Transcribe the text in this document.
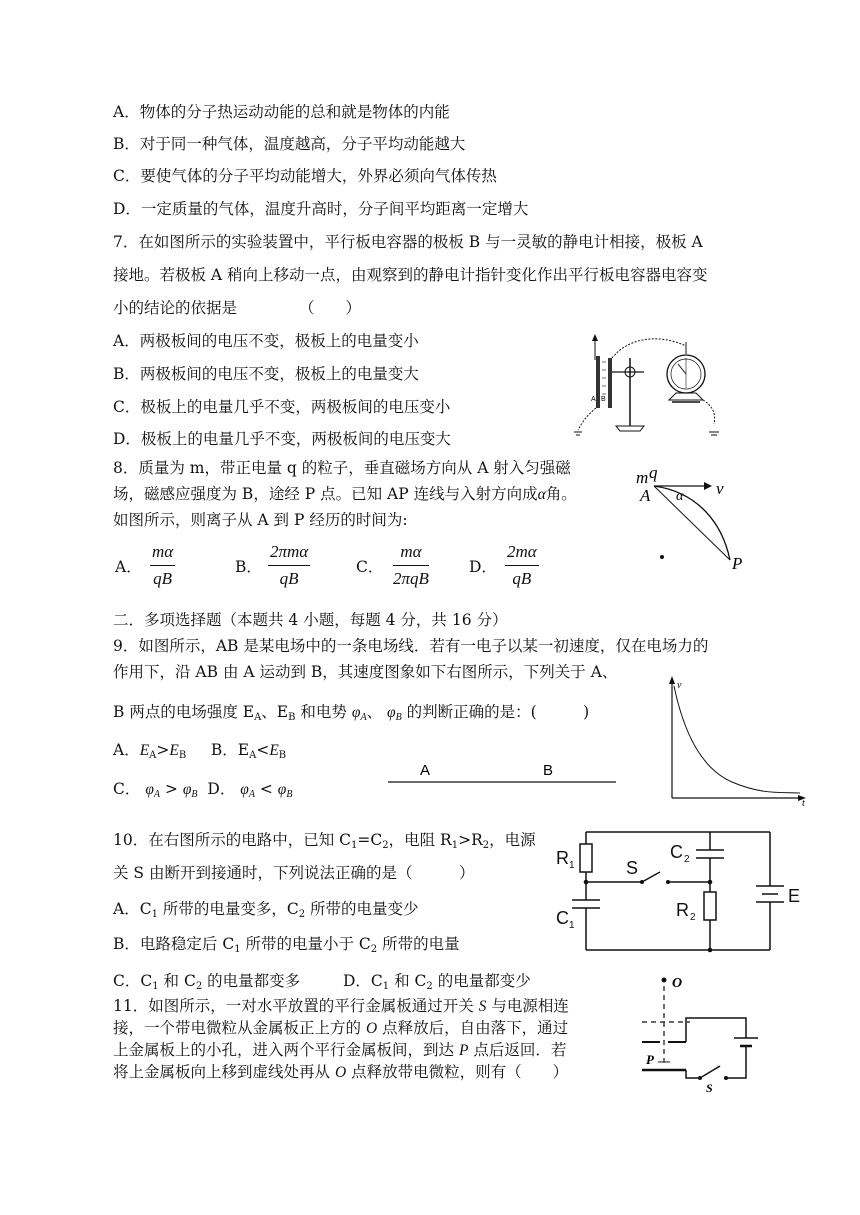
A．物体的分子热运动动能的总和就是物体的内能
B．对于同一种气体，温度越高，分子平均动能越大
C．要使气体的分子平均动能增大，外界必须向气体传热
D．一定质量的气体，温度升高时，分子间平均距离一定增大
7．在如图所示的实验装置中，平行板电容器的极板 B 与一灵敏的静电计相接，极板 A
接地。若极板 A 稍向上移动一点，由观察到的静电计指针变化作出平行板电容器电容变
小的结论的依据是	（　　）
A．两极板间的电压不变，极板上的电量变小
B．两极板间的电压不变，极板上的电量变大
C．极板上的电量几乎不变，两极板间的电压变小
D．极板上的电量几乎不变，两极板间的电压变大
A B
8．质量为 m，带正电量 q 的粒子，垂直磁场方向从 A 射入匀强磁
场，磁感应强度为 B，途经 P 点。已知 AP 连线与入射方向成α角。
如图所示，则离子从 A 到 P 经历的时间为:
A．
mα
qB
B．
2πmα
qB
C．
mα
2πqB
D．
2mα
qB
m q
A	v
α
P
二．多项选择题（本题共 4 小题，每题 4 分，共 16 分）
9．如图所示，AB 是某电场中的一条电场线．若有一电子以某一初速度，仅在电场力的
作用下，沿 AB 由 A 运动到 B，其速度图象如下右图所示，下列关于 A、
B 两点的电场强度 $E_A$、$E_B$ 和电势 $\varphi_A$、 $\varphi_B$ 的判断正确的是：(　　　)
A．$E_A>E_B$ B．$E_A<E_B$
C． $\varphi_A > \varphi_B$ D． $\varphi_A < \varphi_B$
A	B
v
t
10．在右图所示的电路中，已知 $C_1=C_2$，电阻 $R_1>R_2$，电源
关 S 由断开到接通时，下列说法正确的是（　　　）
A．$C_1$ 所带的电量变多，$C_2$ 所带的电量变少
B．电路稳定后 $C_1$ 所带的电量小于 $C_2$ 所带的电量
C．$C_1$ 和 $C_2$ 的电量都变多	D．$C_1$ 和 $C_2$ 的电量都变少
R 1	S
C 2
E
R 2
C 1
11．如图所示，一对水平放置的平行金属板通过开关 S 与电源相连
接，一个带电微粒从金属板正上方的 O 点释放后，自由落下，通过
上金属板上的小孔，进入两个平行金属板间，到达 P 点后返回．若
将上金属板向上移到虚线处再从 O 点释放带电微粒，则有（　　）
O
S
P
